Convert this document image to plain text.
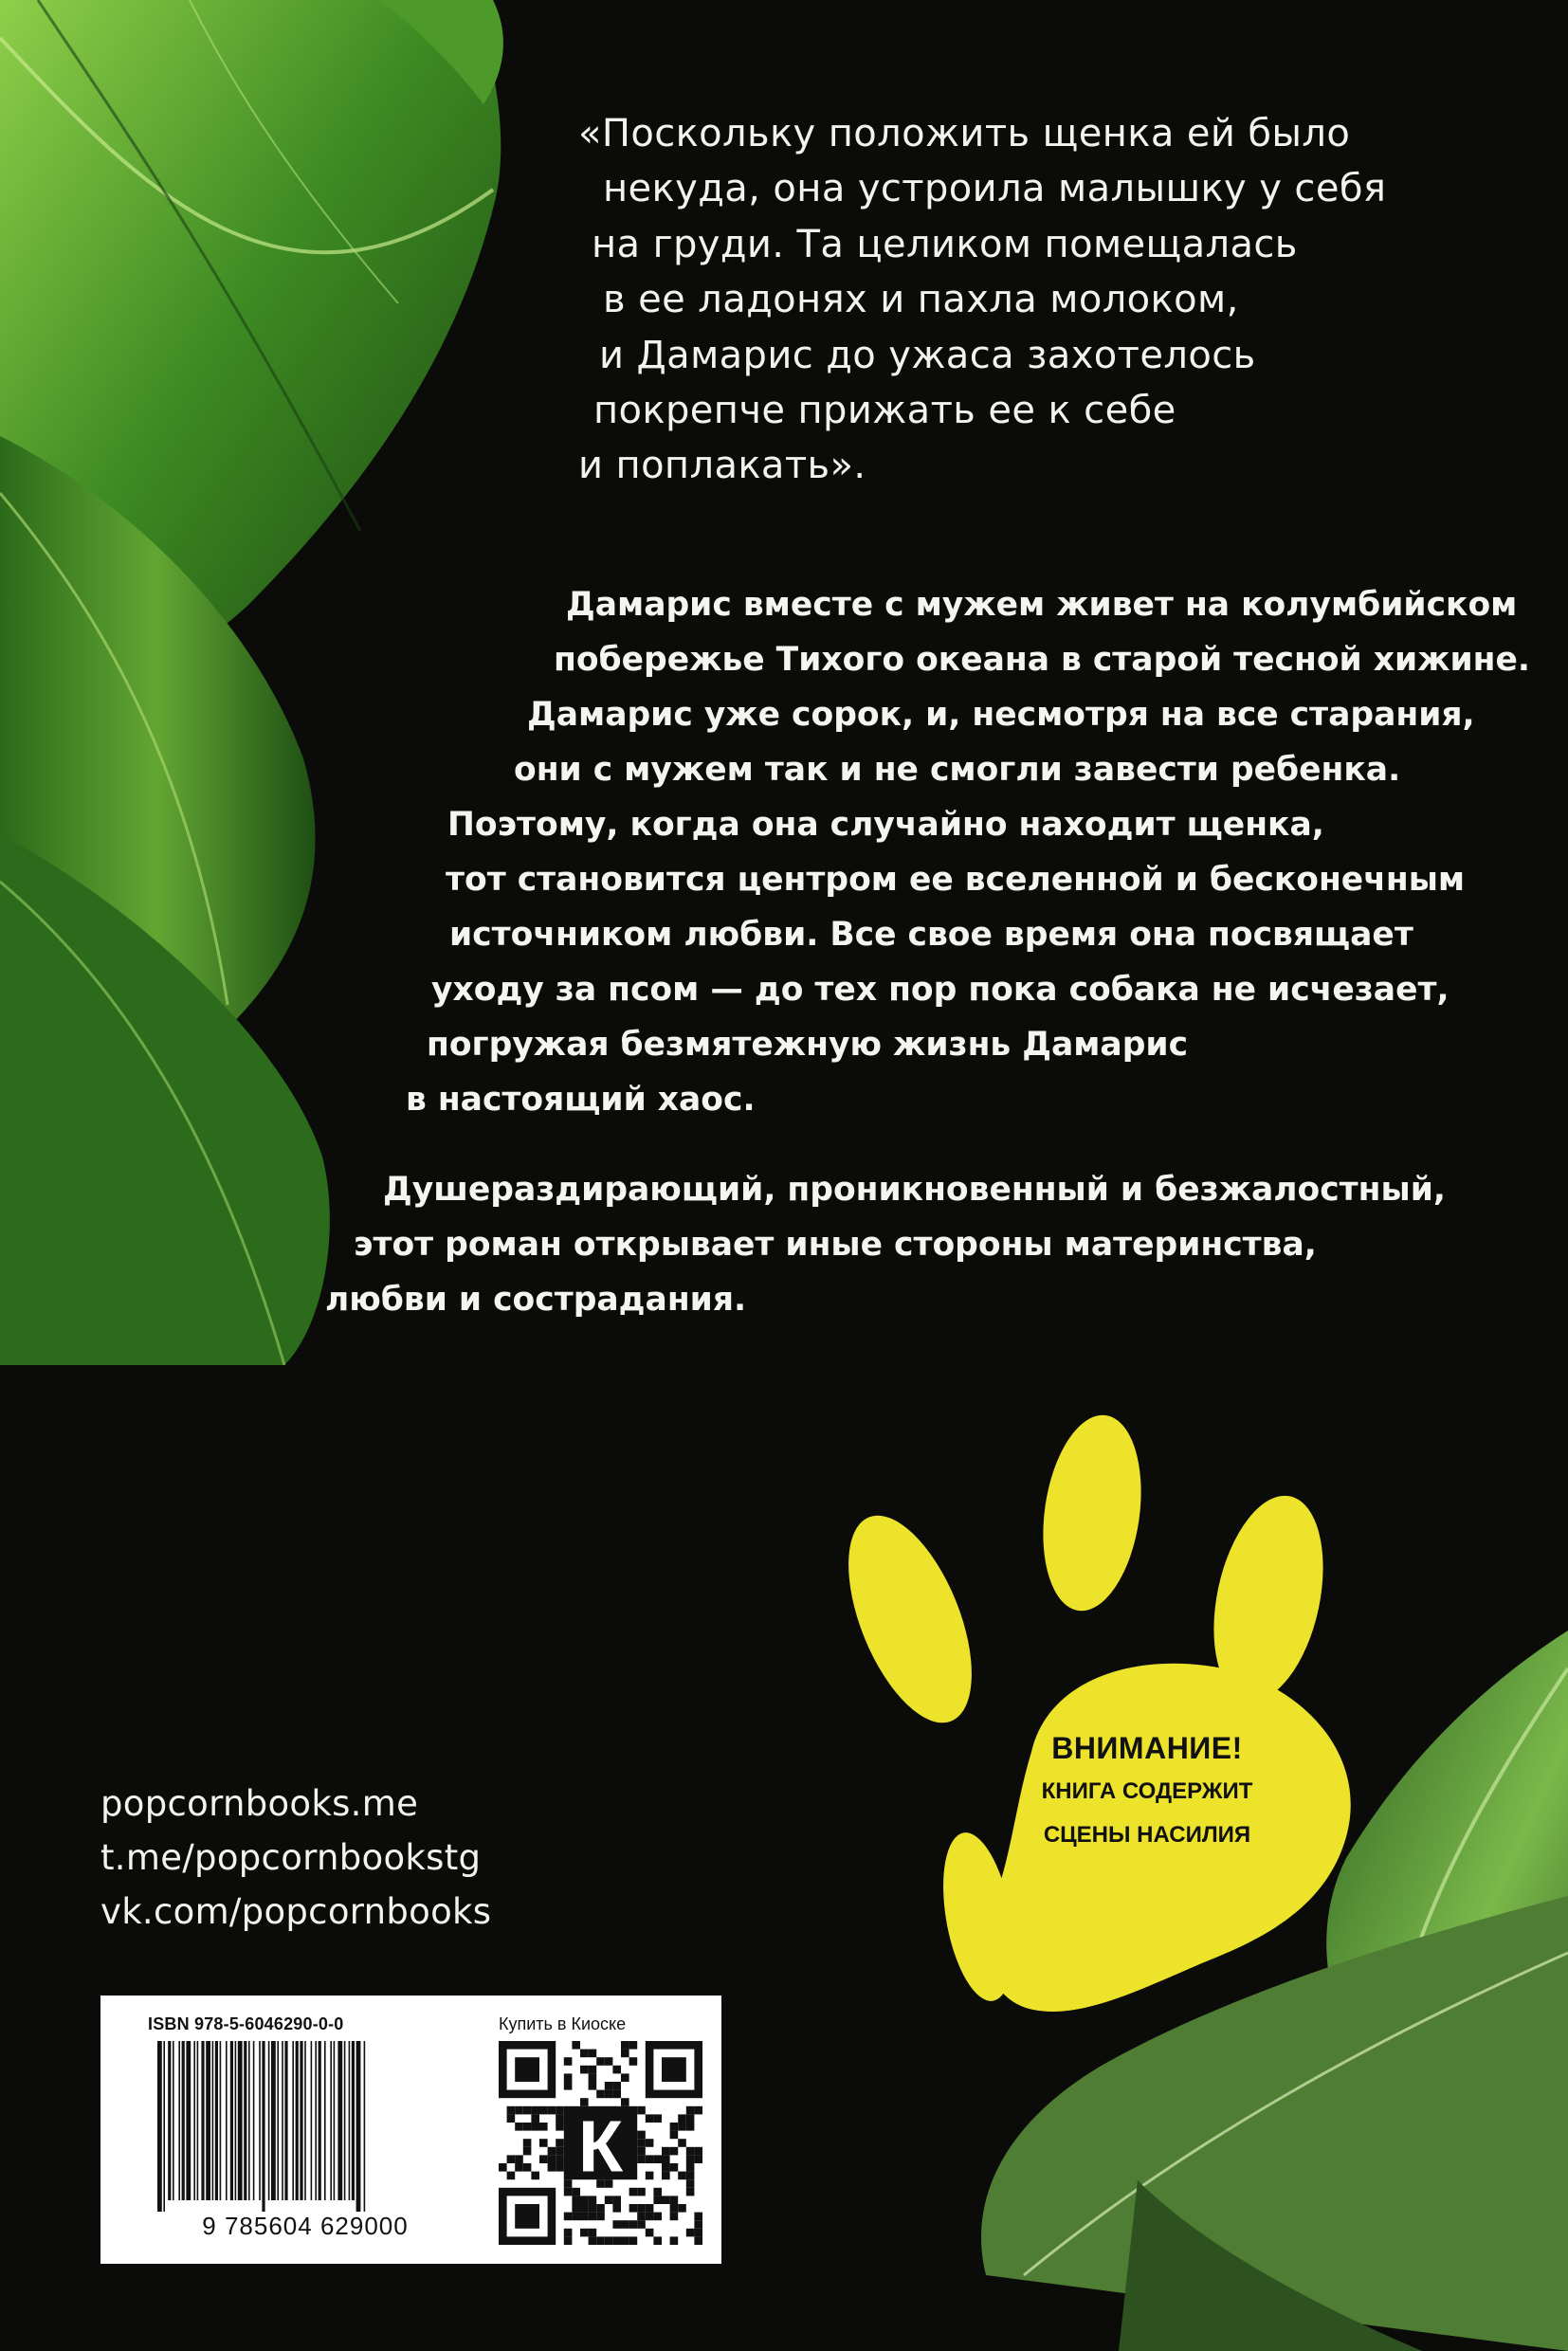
«Поскольку положить щенка ей было
некуда, она устроила малышку у себя
на груди. Та целиком помещалась
в ее ладонях и пахла молоком,
и Дамарис до ужаса захотелось
покрепче прижать ее к себе
и поплакать».
Дамарис вместе с мужем живет на колумбийском
побережье Тихого океана в старой тесной хижине.
Дамарис уже сорок, и, несмотря на все старания,
они с мужем так и не смогли завести ребенка.
Поэтому, когда она случайно находит щенка,
тот становится центром ее вселенной и бесконечным
источником любви. Все свое время она посвящает
уходу за псом — до тех пор пока собака не исчезает,
погружая безмятежную жизнь Дамарис
в настоящий хаос.
Душераздирающий, проникновенный и безжалостный,
этот роман открывает иные стороны материнства,
любви и сострадания.
ВНИМАНИЕ!
КНИГА СОДЕРЖИТ
СЦЕНЫ НАСИЛИЯ
popcornbooks.me
t.me/popcornbookstg
vk.com/popcornbooks
ISBN 978-5-6046290-0-0
9 785604 629000
Купить в Киоске
К
